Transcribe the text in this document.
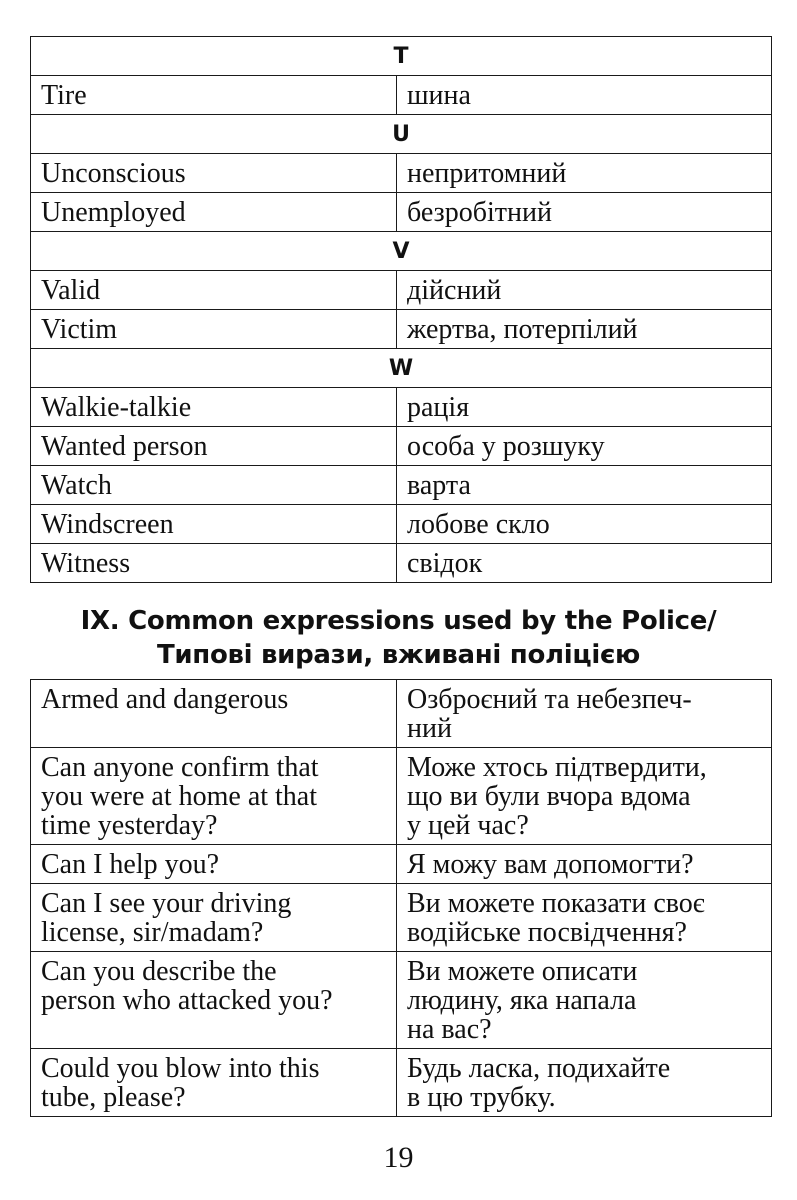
T	
Tire	шина
U	
Unconscious	непритомний
Unemployed	безробітний
V	
Valid	дійсний
Victim	жертва, потерпілий
W	
Walkie-talkie	рація
Wanted person	особа у розшуку
Watch	варта
Windscreen	лобове скло
Witness	свідок
IX. Common expressions used by the Police/
Типові вирази, вживані поліцією
Armed and dangerous	Озброєний та небезпеч-
ний
Can anyone confirm that
you were at home at that
time yesterday?	Може хтось підтвердити,
що ви були вчора вдома
у цей час?
Can I help you?	Я можу вам допомогти?
Can I see your driving
license, sir/madam?	Ви можете показати своє
водійське посвідчення?
Can you describe the
person who attacked you?	Ви можете описати
людину, яка напала
на вас?
Could you blow into this
tube, please?	Будь ласка, подихайте
в цю трубку.
19
